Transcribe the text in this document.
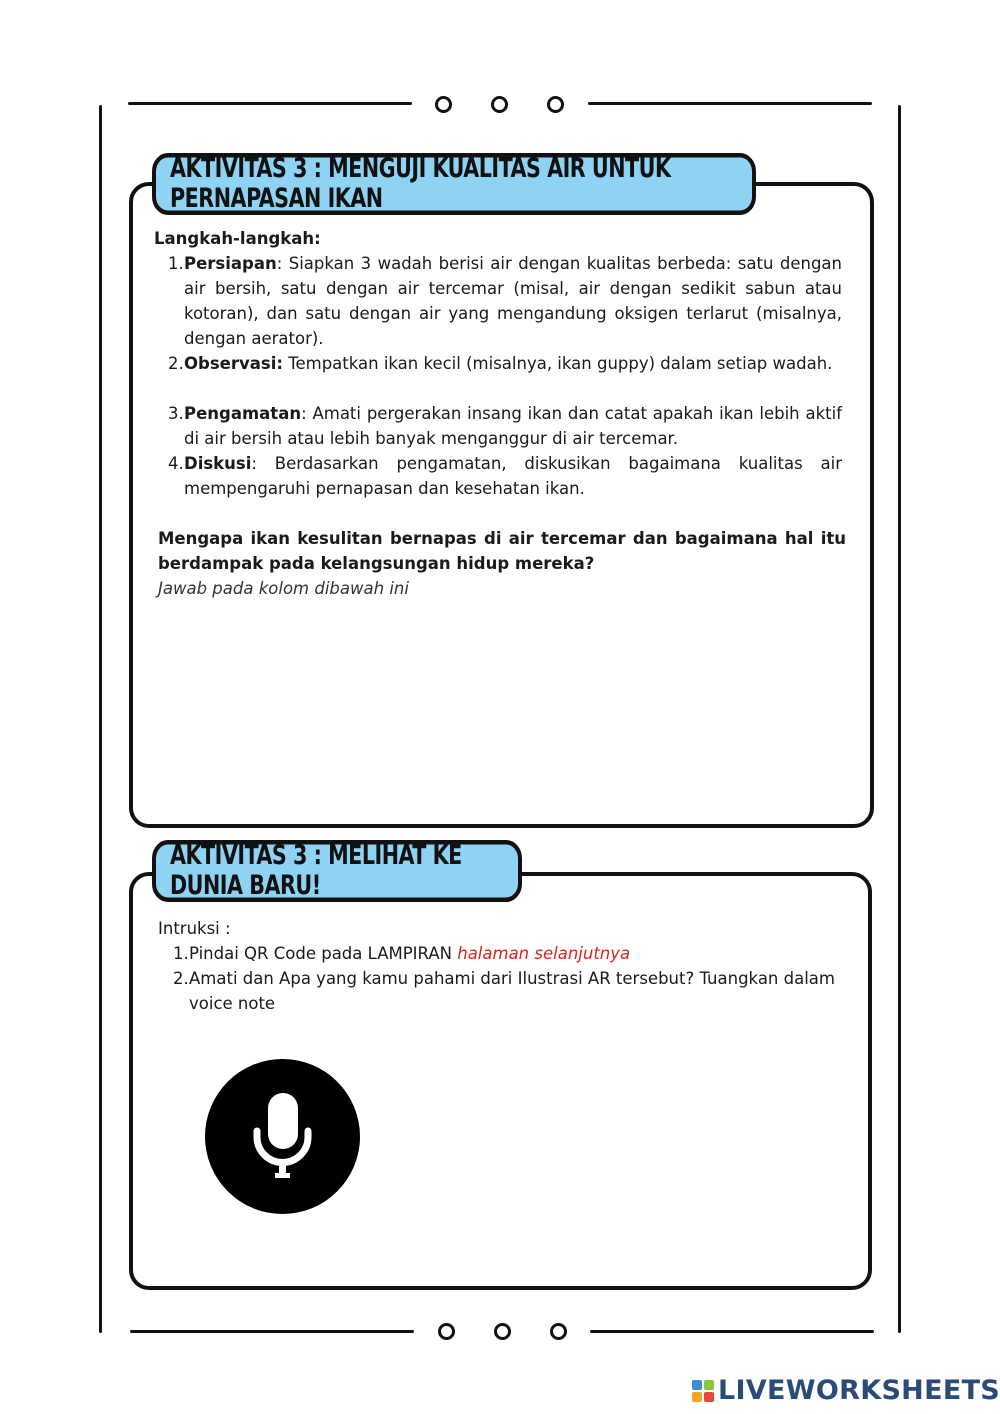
AKTIVITAS 3 : MENGUJI KUALITAS AIR UNTUK PERNAPASAN IKAN
Langkah-langkah:
1. Persiapan: Siapkan 3 wadah berisi air dengan kualitas berbeda: satu dengan air bersih, satu dengan air tercemar (misal, air dengan sedikit sabun atau kotoran), dan satu dengan air yang mengandung oksigen terlarut (misalnya, dengan aerator).
2. Observasi: Tempatkan ikan kecil (misalnya, ikan guppy) dalam setiap wadah.
3. Pengamatan: Amati pergerakan insang ikan dan catat apakah ikan lebih aktif di air bersih atau lebih banyak menganggur di air tercemar.
4. Diskusi: Berdasarkan pengamatan, diskusikan bagaimana kualitas air mempengaruhi pernapasan dan kesehatan ikan.
Mengapa ikan kesulitan bernapas di air tercemar dan bagaimana hal itu berdampak pada kelangsungan hidup mereka?
Jawab pada kolom dibawah ini
AKTIVITAS 3 : MELIHAT KE DUNIA BARU!
Intruksi :
1. Pindai QR Code pada LAMPIRAN halaman selanjutnya
2. Amati dan Apa yang kamu pahami dari Ilustrasi AR tersebut? Tuangkan dalam voice note
LIVEWORKSHEETS
